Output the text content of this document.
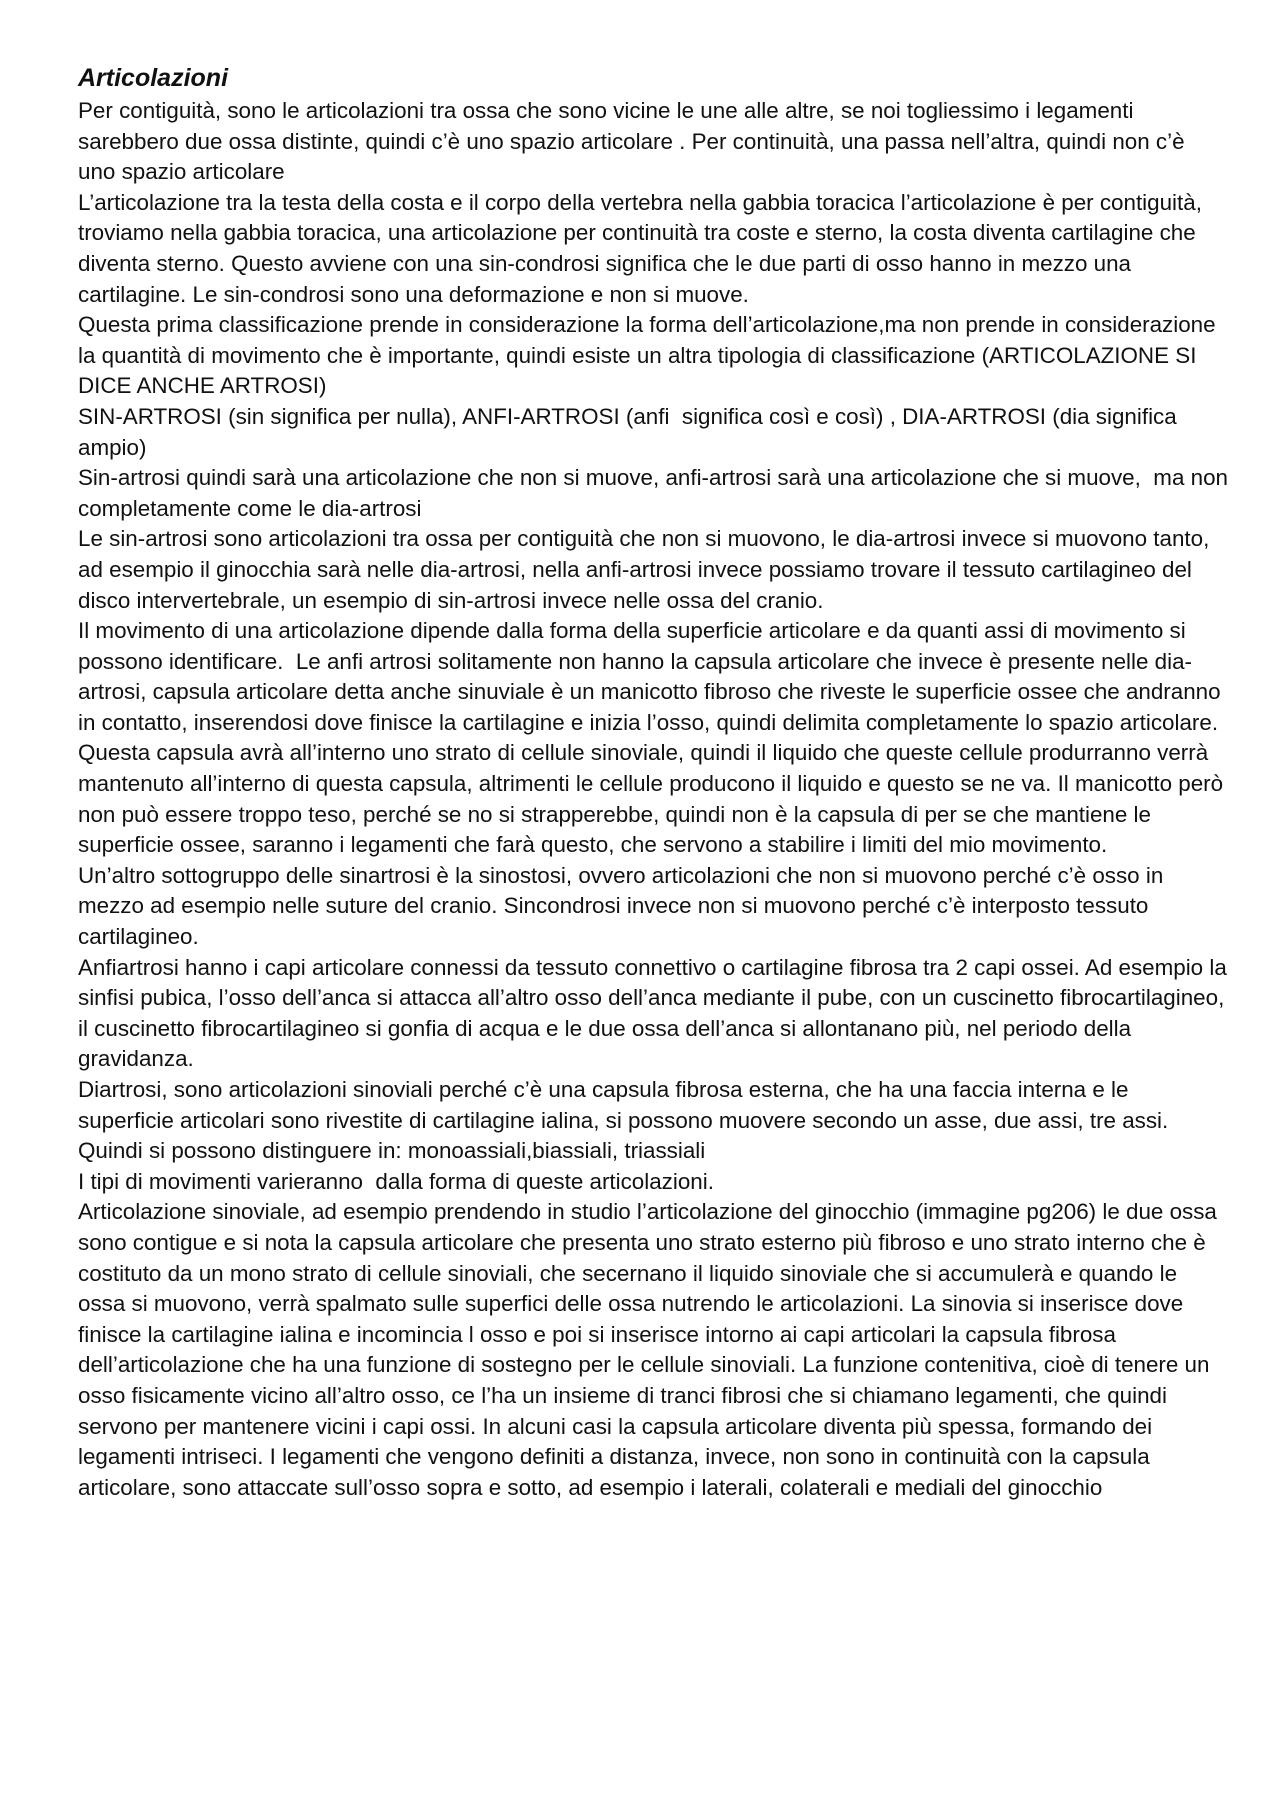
Articolazioni

Per contiguità, sono le articolazioni tra ossa che sono vicine le une alle altre, se noi togliessimo i legamenti sarebbero due ossa distinte, quindi c’è uno spazio articolare . Per continuità, una passa nell’altra, quindi non c’è uno spazio articolare

L’articolazione tra la testa della costa e il corpo della vertebra nella gabbia toracica l’articolazione è per contiguità, troviamo nella gabbia toracica, una articolazione per continuità tra coste e sterno, la costa diventa cartilagine che diventa sterno. Questo avviene con una sin-condrosi significa che le due parti di osso hanno in mezzo una cartilagine. Le sin-condrosi sono una deformazione e non si muove.

Questa prima classificazione prende in considerazione la forma dell’articolazione,ma non prende in considerazione la quantità di movimento che è importante, quindi esiste un altra tipologia di classificazione (ARTICOLAZIONE SI DICE ANCHE ARTROSI)

SIN-ARTROSI (sin significa per nulla), ANFI-ARTROSI (anfi  significa così e così) , DIA-ARTROSI (dia significa ampio)

Sin-artrosi quindi sarà una articolazione che non si muove, anfi-artrosi sarà una articolazione che si muove,  ma non completamente come le dia-artrosi

Le sin-artrosi sono articolazioni tra ossa per contiguità che non si muovono, le dia-artrosi invece si muovono tanto, ad esempio il ginocchia sarà nelle dia-artrosi, nella anfi-artrosi invece possiamo trovare il tessuto cartilagineo del disco intervertebrale, un esempio di sin-artrosi invece nelle ossa del cranio.

Il movimento di una articolazione dipende dalla forma della superficie articolare e da quanti assi di movimento si possono identificare.  Le anfi artrosi solitamente non hanno la capsula articolare che invece è presente nelle dia-artrosi, capsula articolare detta anche sinuviale è un manicotto fibroso che riveste le superficie ossee che andranno in contatto, inserendosi dove finisce la cartilagine e inizia l’osso, quindi delimita completamente lo spazio articolare. Questa capsula avrà all’interno uno strato di cellule sinoviale, quindi il liquido che queste cellule produrranno verrà mantenuto all’interno di questa capsula, altrimenti le cellule producono il liquido e questo se ne va. Il manicotto però non può essere troppo teso, perché se no si strapperebbe, quindi non è la capsula di per se che mantiene le superficie ossee, saranno i legamenti che farà questo, che servono a stabilire i limiti del mio movimento.

Un’altro sottogruppo delle sinartrosi è la sinostosi, ovvero articolazioni che non si muovono perché c’è osso in mezzo ad esempio nelle suture del cranio. Sincondrosi invece non si muovono perché c’è interposto tessuto cartilagineo.

Anfiartrosi hanno i capi articolare connessi da tessuto connettivo o cartilagine fibrosa tra 2 capi ossei. Ad esempio la sinfisi pubica, l’osso dell’anca si attacca all’altro osso dell’anca mediante il pube, con un cuscinetto fibrocartilagineo, il cuscinetto fibrocartilagineo si gonfia di acqua e le due ossa dell’anca si allontanano più, nel periodo della gravidanza.

Diartrosi, sono articolazioni sinoviali perché c’è una capsula fibrosa esterna, che ha una faccia interna e le superficie articolari sono rivestite di cartilagine ialina, si possono muovere secondo un asse, due assi, tre assi. Quindi si possono distinguere in: monoassiali,biassiali, triassiali

I tipi di movimenti varieranno  dalla forma di queste articolazioni.

Articolazione sinoviale, ad esempio prendendo in studio l’articolazione del ginocchio (immagine pg206) le due ossa sono contigue e si nota la capsula articolare che presenta uno strato esterno più fibroso e uno strato interno che è costituto da un mono strato di cellule sinoviali, che secernano il liquido sinoviale che si accumulerà e quando le ossa si muovono, verrà spalmato sulle superfici delle ossa nutrendo le articolazioni. La sinovia si inserisce dove finisce la cartilagine ialina e incomincia l osso e poi si inserisce intorno ai capi articolari la capsula fibrosa dell’articolazione che ha una funzione di sostegno per le cellule sinoviali. La funzione contenitiva, cioè di tenere un osso fisicamente vicino all’altro osso, ce l’ha un insieme di tranci fibrosi che si chiamano legamenti, che quindi servono per mantenere vicini i capi ossi. In alcuni casi la capsula articolare diventa più spessa, formando dei legamenti intriseci. I legamenti che vengono definiti a distanza, invece, non sono in continuità con la capsula articolare, sono attaccate sull’osso sopra e sotto, ad esempio i laterali, colaterali e mediali del ginocchio
